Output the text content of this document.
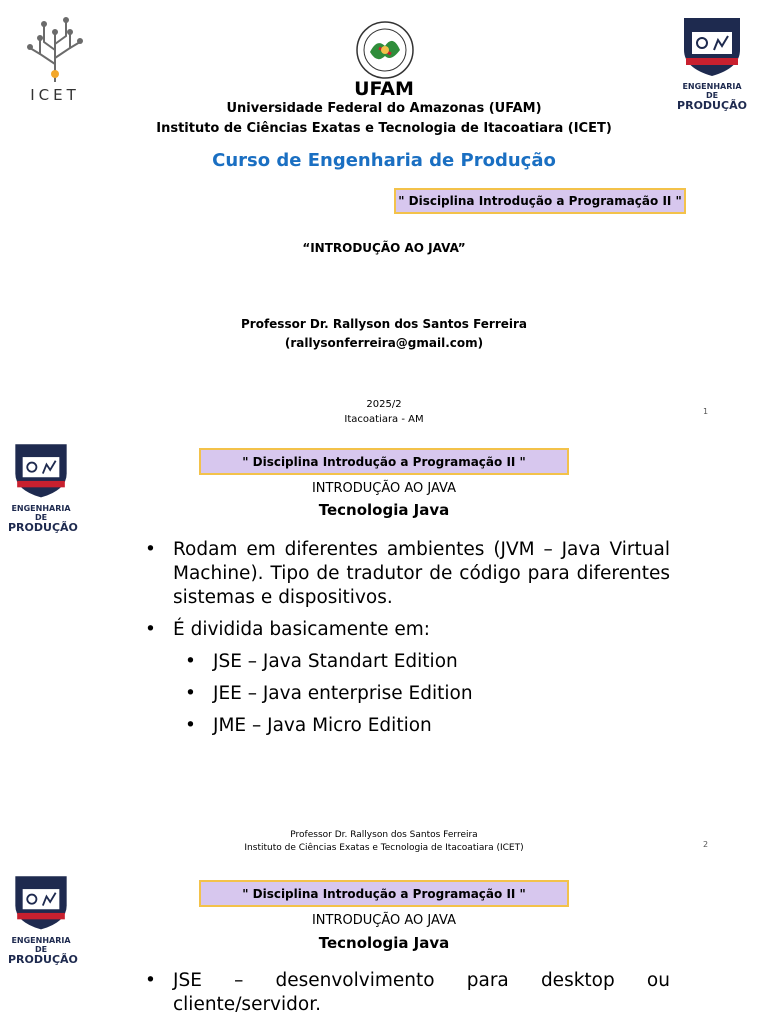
ICET	ENGENHARIA DE
PRODUÇÃO
UFAM
Universidade Federal do Amazonas (UFAM)
Instituto de Ciências Exatas e Tecnologia de Itacoatiara (ICET)
Curso de Engenharia de Produção
" Disciplina Introdução a Programação II "
“INTRODUÇÃO AO JAVA”
Professor Dr. Rallyson dos Santos Ferreira
(rallysonferreira@gmail.com)
2025/2
Itacoatiara - AM
1
ENGENHARIA DE
PRODUÇÃO
" Disciplina Introdução a Programação II "
INTRODUÇÃO AO JAVA
Tecnologia Java
• Rodam em diferentes ambientes (JVM – Java Virtual Machine). Tipo de tradutor de código para diferentes sistemas e dispositivos.
• É dividida basicamente em:
• JSE – Java Standart Edition
• JEE – Java enterprise Edition
• JME – Java Micro Edition
Professor Dr. Rallyson dos Santos Ferreira
Instituto de Ciências Exatas e Tecnologia de Itacoatiara (ICET)	2
ENGENHARIA DE
PRODUÇÃO
" Disciplina Introdução a Programação II "
INTRODUÇÃO AO JAVA
Tecnologia Java
• JSE – desenvolvimento para desktop ou
cliente/servidor.
